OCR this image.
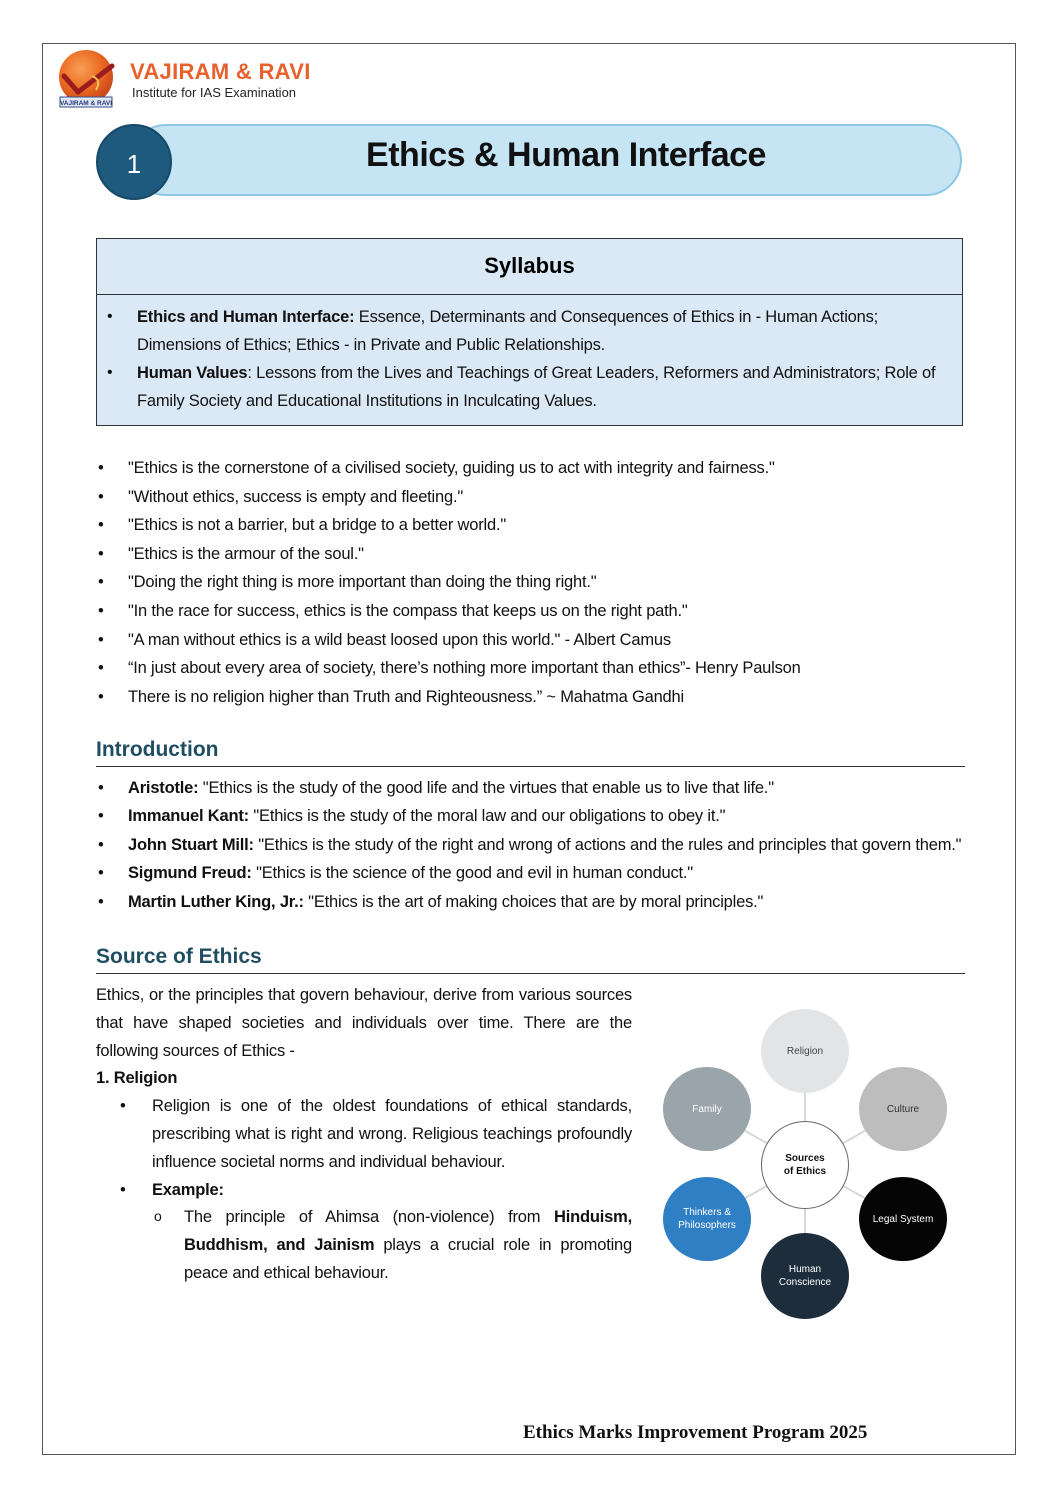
VAJIRAM & RAVI
VAJIRAM & RAVI
Institute for IAS Examination
Ethics & Human Interface
1
Syllabus
• Ethics and Human Interface: Essence, Determinants and Consequences of Ethics in - Human Actions; Dimensions of Ethics; Ethics - in Private and Public Relationships.
• Human Values: Lessons from the Lives and Teachings of Great Leaders, Reformers and Administrators; Role of Family Society and Educational Institutions in Inculcating Values.
• "Ethics is the cornerstone of a civilised society, guiding us to act with integrity and fairness."
• "Without ethics, success is empty and fleeting."
• "Ethics is not a barrier, but a bridge to a better world."
• "Ethics is the armour of the soul."
• "Doing the right thing is more important than doing the thing right."
• "In the race for success, ethics is the compass that keeps us on the right path."
• "A man without ethics is a wild beast loosed upon this world." - Albert Camus
• “In just about every area of society, there’s nothing more important than ethics”- Henry Paulson
• There is no religion higher than Truth and Righteousness.” ~ Mahatma Gandhi
Introduction
• Aristotle: "Ethics is the study of the good life and the virtues that enable us to live that life."
• Immanuel Kant: "Ethics is the study of the moral law and our obligations to obey it."
• John Stuart Mill: "Ethics is the study of the right and wrong of actions and the rules and principles that govern them."
• Sigmund Freud: "Ethics is the science of the good and evil in human conduct."
• Martin Luther King, Jr.: "Ethics is the art of making choices that are by moral principles."
Source of Ethics

Ethics, or the principles that govern behaviour, derive from various sources that have shaped societies and individuals over time. There are the following sources of Ethics -

1. Religion

• Religion is one of the oldest foundations of ethical standards, prescribing what is right and wrong. Religious teachings profoundly influence societal norms and individual behaviour.
• Example:
o The principle of Ahimsa (non-violence) from Hinduism, Buddhism, and Jainism plays a crucial role in promoting peace and ethical behaviour.
Religion
Culture
Legal System
Human Conscience
Thinkers & Philosophers
Family
Sources of Ethics
Ethics Marks Improvement Program 2025
